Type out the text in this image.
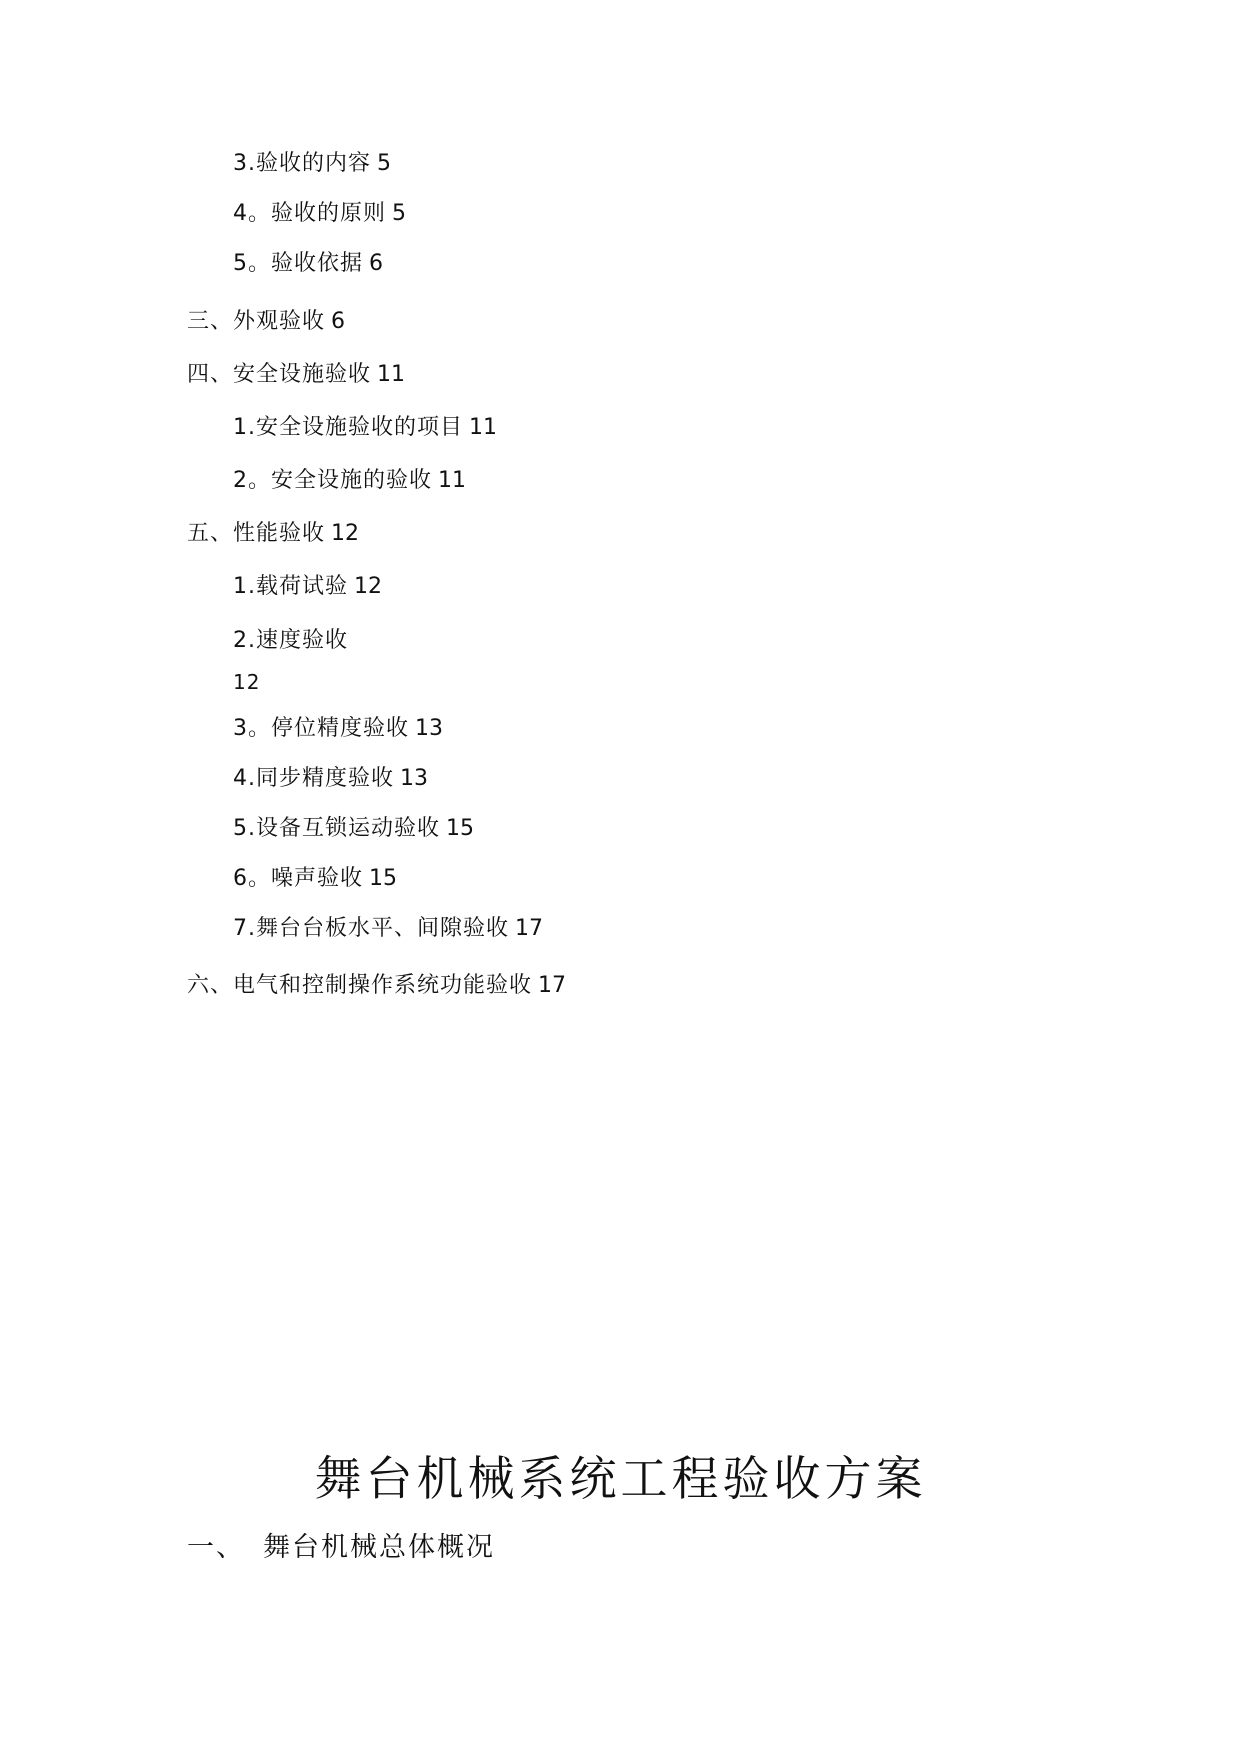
3.验收的内容 5
4。验收的原则 5
5。验收依据 6
三、外观验收 6
四、安全设施验收 11
1.安全设施验收的项目 11
2。安全设施的验收 11
五、性能验收 12
1.载荷试验 12
2.速度验收
12
3。停位精度验收 13
4.同步精度验收 13
5.设备互锁运动验收 15
6。噪声验收 15
7.舞台台板水平、间隙验收 17
六、电气和控制操作系统功能验收 17
舞台机械系统工程验收方案
一、 舞台机械总体概况
